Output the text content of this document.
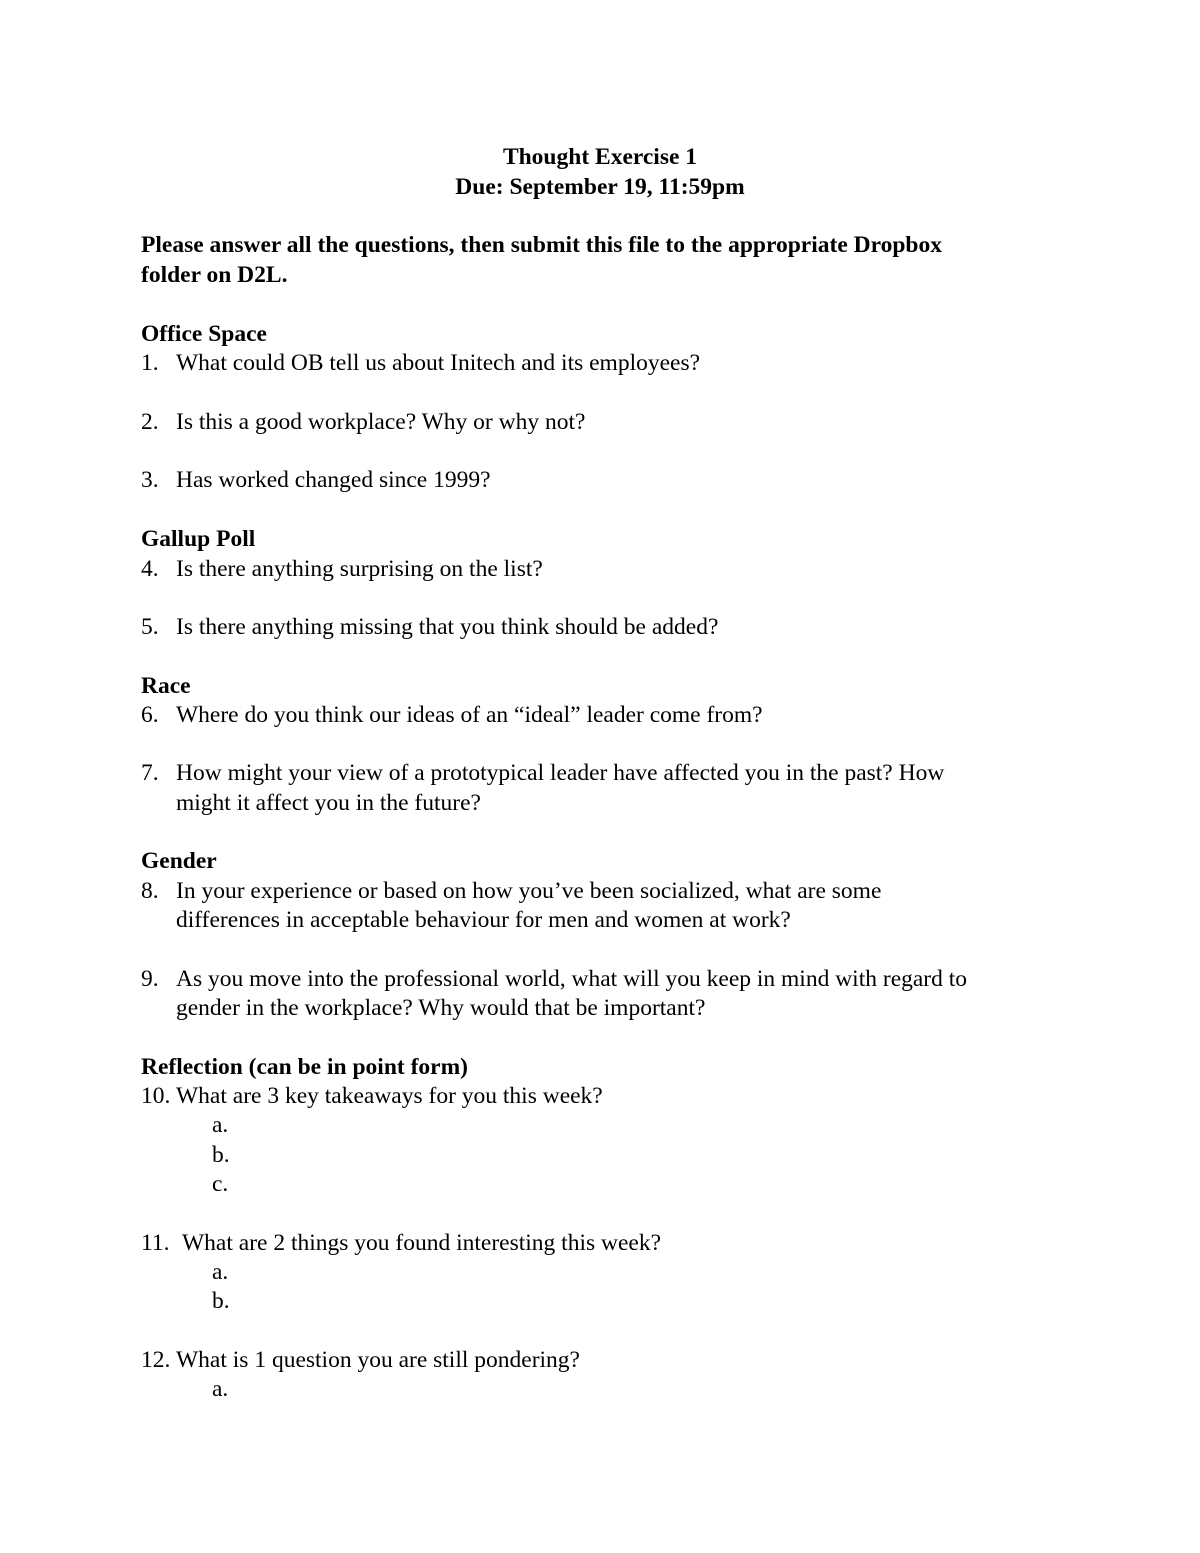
Thought Exercise 1
Due: September 19, 11:59pm
Please answer all the questions, then submit this file to the appropriate Dropbox
folder on D2L.
Office Space
1. What could OB tell us about Initech and its employees?
2. Is this a good workplace? Why or why not?
3. Has worked changed since 1999?
Gallup Poll
4. Is there anything surprising on the list?
5. Is there anything missing that you think should be added?
Race
6. Where do you think our ideas of an “ideal” leader come from?
7. How might your view of a prototypical leader have affected you in the past? How
might it affect you in the future?
Gender
8. In your experience or based on how you’ve been socialized, what are some
differences in acceptable behaviour for men and women at work?
9. As you move into the professional world, what will you keep in mind with regard to
gender in the workplace? Why would that be important?
Reflection (can be in point form)
10. What are 3 key takeaways for you this week?
a.
b.
c.
11. What are 2 things you found interesting this week?
a.
b.
12. What is 1 question you are still pondering?
a.
